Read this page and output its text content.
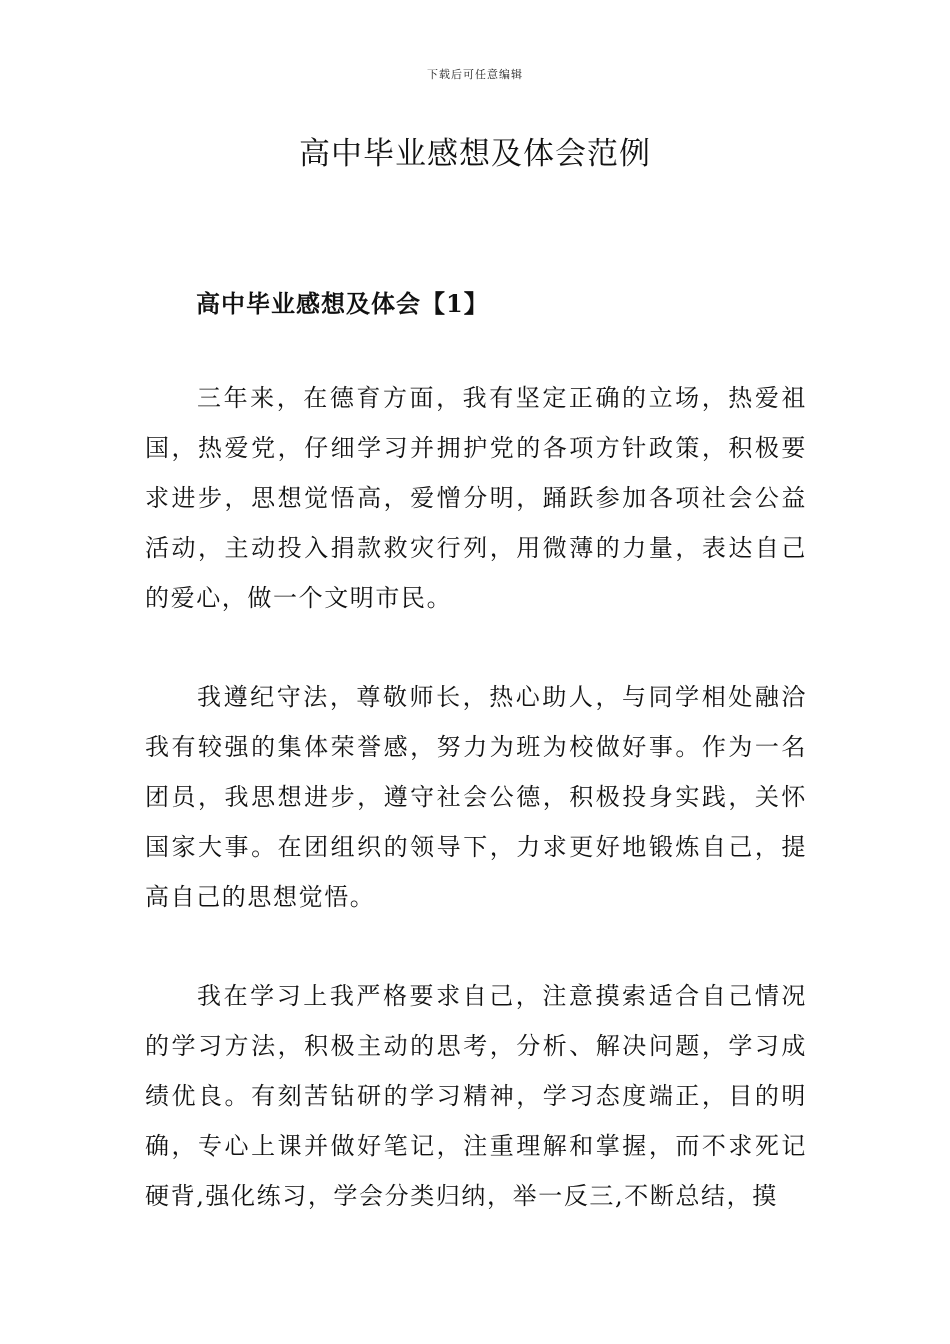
下载后可任意编辑
高中毕业感想及体会范例
高中毕业感想及体会【1】

三年来，在德育方面，我有坚定正确的立场，热爱祖国，热爱党，仔细学习并拥护党的各项方针政策，积极要求进步，思想觉悟高，爱憎分明，踊跃参加各项社会公益活动，主动投入捐款救灾行列，用微薄的力量，表达自己的爱心，做一个文明市民。

我遵纪守法，尊敬师长，热心助人，与同学相处融洽我有较强的集体荣誉感，努力为班为校做好事。作为一名团员，我思想进步，遵守社会公德，积极投身实践，关怀国家大事。在团组织的领导下，力求更好地锻炼自己，提高自己的思想觉悟。

我在学习上我严格要求自己，注意摸索适合自己情况的学习方法，积极主动的思考，分析、解决问题，学习成绩优良。有刻苦钻研的学习精神，学习态度端正，目的明确，专心上课并做好笔记，注重理解和掌握，而不求死记硬背,强化练习，学会分类归纳，举一反三,不断总结，摸
